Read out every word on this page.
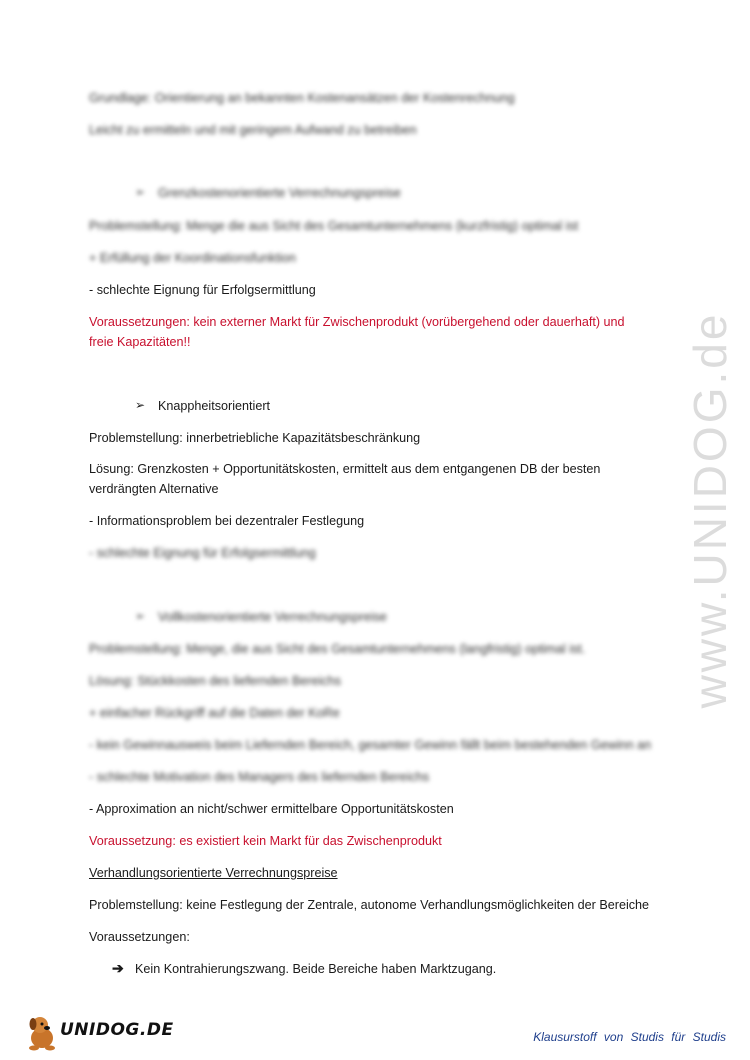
Grundlage: Orientierung an bekannten Kostenansätzen der Kostenrechnung
Leicht zu ermitteln und mit geringem Aufwand zu betreiben
➢ Grenzkostenorientierte Verrechnungspreise
Problemstellung: Menge die aus Sicht des Gesamtunternehmens (kurzfristig) optimal ist
+ Erfüllung der Koordinationsfunktion
- schlechte Eignung für Erfolgsermittlung
Voraussetzungen: kein externer Markt für Zwischenprodukt (vorübergehend oder dauerhaft) und
freie Kapazitäten!!
➢ Knappheitsorientiert
Problemstellung: innerbetriebliche Kapazitätsbeschränkung
Lösung: Grenzkosten + Opportunitätskosten, ermittelt aus dem entgangenen DB der besten
verdrängten Alternative
- Informationsproblem bei dezentraler Festlegung
- schlechte Eignung für Erfolgsermittlung
➢ Vollkostenorientierte Verrechnungspreise
Problemstellung: Menge, die aus Sicht des Gesamtunternehmens (langfristig) optimal ist.
Lösung: Stückkosten des liefernden Bereichs
+ einfacher Rückgriff auf die Daten der KoRe
- kein Gewinnausweis beim Liefernden Bereich, gesamter Gewinn fällt beim bestehenden Gewinn an
- schlechte Motivation des Managers des liefernden Bereichs
- Approximation an nicht/schwer ermittelbare Opportunitätskosten
Voraussetzung: es existiert kein Markt für das Zwischenprodukt
Verhandlungsorientierte Verrechnungspreise
Problemstellung: keine Festlegung der Zentrale, autonome Verhandlungsmöglichkeiten der Bereiche
Voraussetzungen:
➔ Kein Kontrahierungszwang. Beide Bereiche haben Marktzugang.
www.UNIDOG.de
UNIDOG.DE	Klausurstoff von Studis für Studis
